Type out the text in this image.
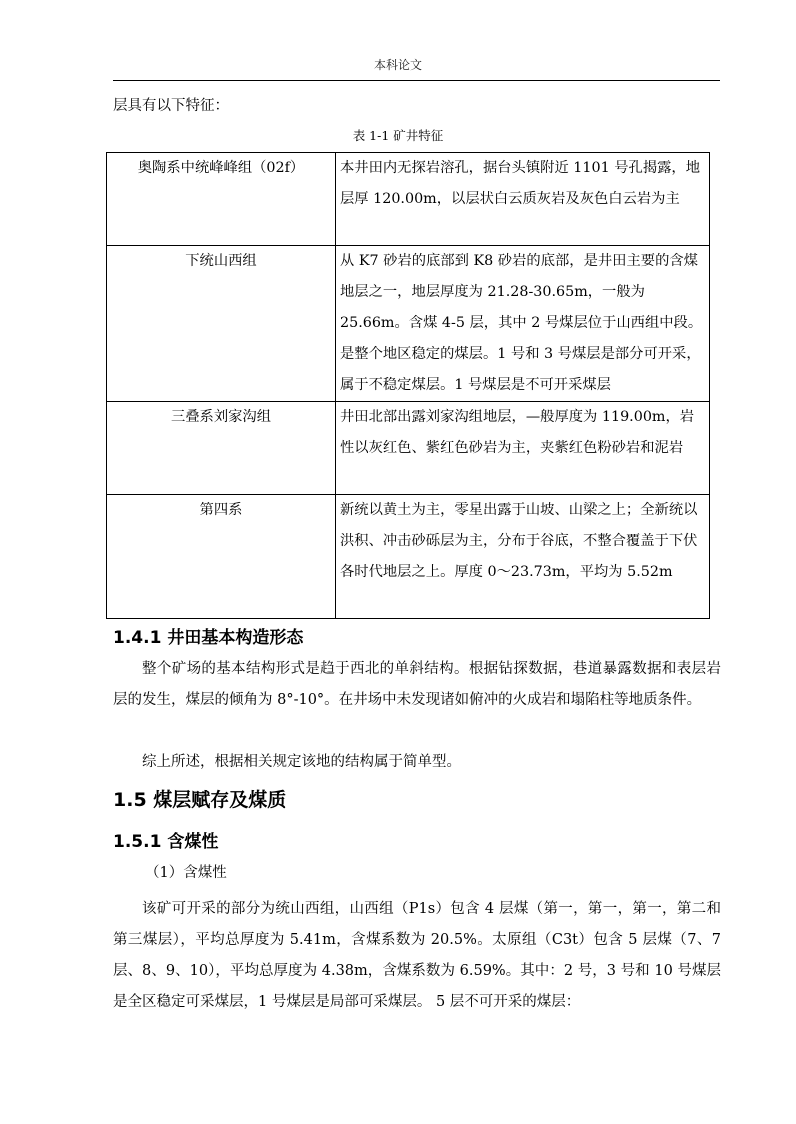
本科论文
层具有以下特征：
表 1-1 矿井特征
奥陶系中统峰峰组（02f）	本井田内无探岩溶孔，据台头镇附近 1101 号孔揭露，地层厚 120.00m，以层状白云质灰岩及灰色白云岩为主
下统山西组	从 K7 砂岩的底部到 K8 砂岩的底部，是井田主要的含煤地层之一，地层厚度为 21.28-30.65m，一般为 25.66m。含煤 4-5 层，其中 2 号煤层位于山西组中段。是整个地区稳定的煤层。1 号和 3 号煤层是部分可开采，属于不稳定煤层。1 号煤层是不可开采煤层
三叠系刘家沟组	井田北部出露刘家沟组地层，—般厚度为 119.00m，岩性以灰红色、紫红色砂岩为主，夹紫红色粉砂岩和泥岩
第四系	新统以黄土为主，零星出露于山坡、山梁之上；全新统以洪积、冲击砂砾层为主，分布于谷底，不整合覆盖于下伏各时代地层之上。厚度 0～23.73m，平均为 5.52m
1.4.1 井田基本构造形态
整个矿场的基本结构形式是趋于西北的单斜结构。根据钻探数据，巷道暴露数据和表层岩层的发生，煤层的倾角为 8°-10°。在井场中未发现诸如俯冲的火成岩和塌陷柱等地质条件。
综上所述，根据相关规定该地的结构属于简单型。
1.5 煤层赋存及煤质
1.5.1 含煤性
（1）含煤性
该矿可开采的部分为统山西组，山西组（P1s）包含 4 层煤（第一，第一，第一，第二和第三煤层），平均总厚度为 5.41m，含煤系数为 20.5%。太原组（C3t）包含 5 层煤（7、7 层、8、9、10），平均总厚度为 4.38m，含煤系数为 6.59%。其中：2 号，3 号和 10 号煤层是全区稳定可采煤层，1 号煤层是局部可采煤层。 5 层不可开采的煤层：
